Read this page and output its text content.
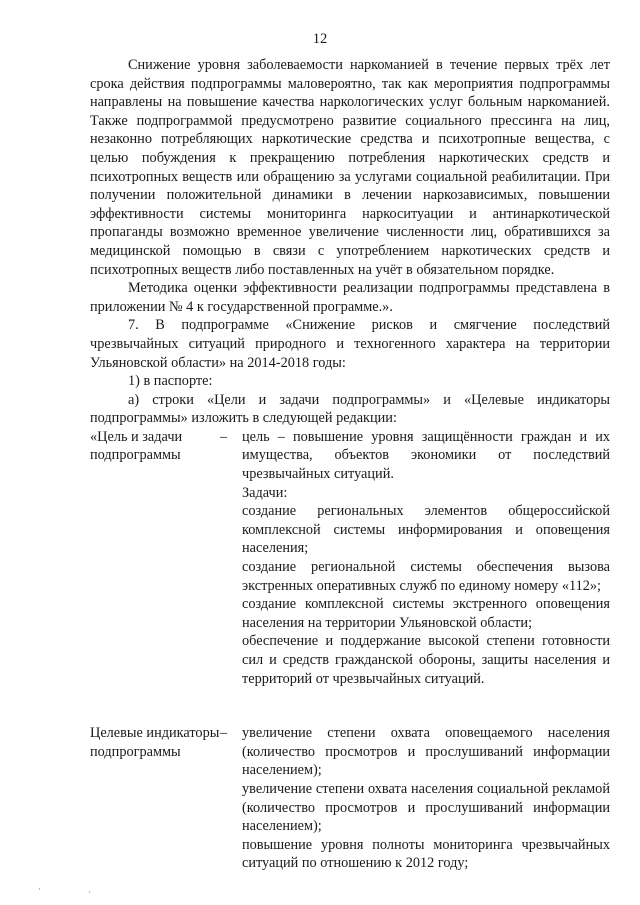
12

Снижение уровня заболеваемости наркоманией в течение первых трёх лет срока действия подпрограммы маловероятно, так как мероприятия подпрограммы направлены на повышение качества наркологических услуг больным наркоманией. Также подпрограммой предусмотрено развитие социального прессинга на лиц, незаконно потребляющих наркотические средства и психотропные вещества, с целью побуждения к прекращению потребления наркотических средств и психотропных веществ или обращению за услугами социальной реабилитации. При получении положительной динамики в лечении наркозависимых, повышении эффективности системы мониторинга наркоситуации и антинаркотической пропаганды возможно временное увеличение численности лиц, обратившихся за медицинской помощью в связи с употреблением наркотических средств и психотропных веществ либо поставленных на учёт в обязательном порядке.

Методика оценки эффективности реализации подпрограммы представлена в приложении № 4 к государственной программе.».

7. В подпрограмме «Снижение рисков и смягчение последствий чрезвычайных ситуаций природного и техногенного характера на территории Ульяновской области» на 2014-2018 годы:

1) в паспорте:

а) строки «Цели и задачи подпрограммы» и «Целевые индикаторы подпрограммы» изложить в следующей редакции:

«Цель и задачи подпрограммы
–	цель – повышение уровня защищённости граждан и их имущества, объектов экономики от последствий чрезвычайных ситуаций.
Задачи:
создание региональных элементов общероссийской комплексной системы информирования и оповещения населения;
создание региональной системы обеспечения вызова экстренных оперативных служб по единому номеру «112»;
создание комплексной системы экстренного оповещения населения на территории Ульяновской области;
обеспечение и поддержание высокой степени готовности сил и средств гражданской обороны, защиты населения и территорий от чрезвычайных ситуаций.
Целевые индикаторы подпрограммы
–	увеличение степени охвата оповещаемого населения (количество просмотров и прослушиваний информации населением);
увеличение степени охвата населения социальной рекламой (количество просмотров и прослушиваний информации населением);
повышение уровня полноты мониторинга чрезвычайных ситуаций по отношению к 2012 году;
·
ˋ
